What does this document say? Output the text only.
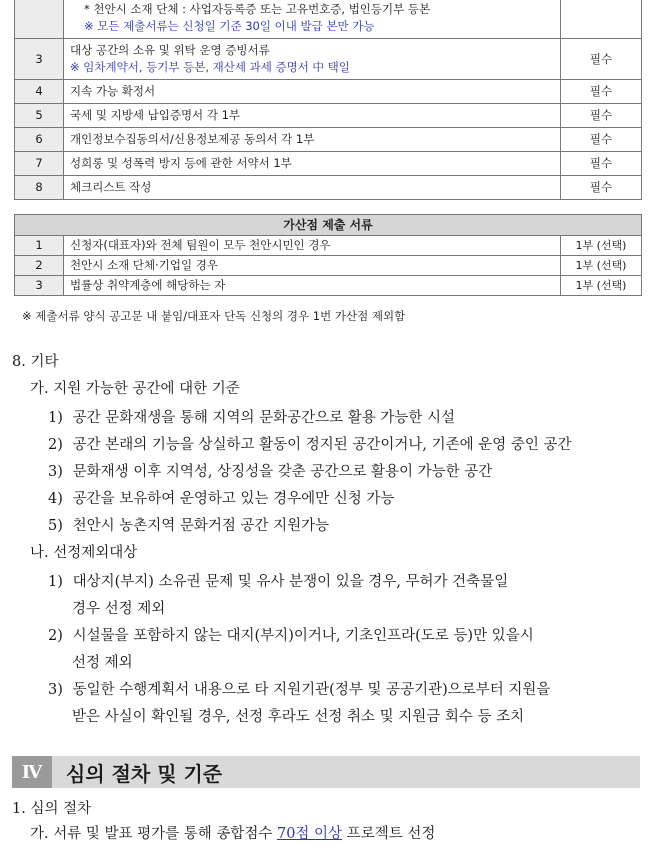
	* 천안시 소재 단체 : 사업자등록증 또는 고유번호증, 법인등기부 등본
※ 모든 제출서류는 신청일 기준 30일 이내 발급 본만 가능	

3	대상 공간의 소유 및 위탁 운영 증빙서류
※ 임차계약서, 등기부 등본, 재산세 과세 증명서 中 택일	필수
4	지속 가능 확정서	필수
5	국세 및 지방세 납입증명서 각 1부	필수
6	개인정보수집동의서/신용정보제공 동의서 각 1부	필수
7	성희롱 및 성폭력 방지 등에 관한 서약서 1부	필수
8	체크리스트 작성	필수
가산점 제출 서류		
1	신청자(대표자)와 전체 팀원이 모두 천안시민인 경우	1부 (선택)
2	천안시 소재 단체·기업일 경우	1부 (선택)
3	법률상 취약계층에 해당하는 자	1부 (선택)
※ 제출서류 양식 공고문 내 붙임/대표자 단독 신청의 경우 1번 가산점 제외함
8. 기타
가. 지원 가능한 공간에 대한 기준
1) 공간 문화재생을 통해 지역의 문화공간으로 활용 가능한 시설
2) 공간 본래의 기능을 상실하고 활동이 정지된 공간이거나, 기존에 운영 중인 공간
3) 문화재생 이후 지역성, 상징성을 갖춘 공간으로 활용이 가능한 공간
4) 공간을 보유하여 운영하고 있는 경우에만 신청 가능
5) 천안시 농촌지역 문화거점 공간 지원가능
나. 선정제외대상
1) 대상지(부지) 소유권 문제 및 유사 분쟁이 있을 경우, 무허가 건축물일
경우 선정 제외
2) 시설물을 포함하지 않는 대지(부지)이거나, 기초인프라(도로 등)만 있을시
선정 제외
3) 동일한 수행계획서 내용으로 타 지원기관(정부 및 공공기관)으로부터 지원을
받은 사실이 확인될 경우, 선정 후라도 선정 취소 및 지원금 회수 등 조치
Ⅳ	심의 절차 및 기준
1. 심의 절차
가. 서류 및 발표 평가를 통해 종합점수 70점 이상 프로젝트 선정
